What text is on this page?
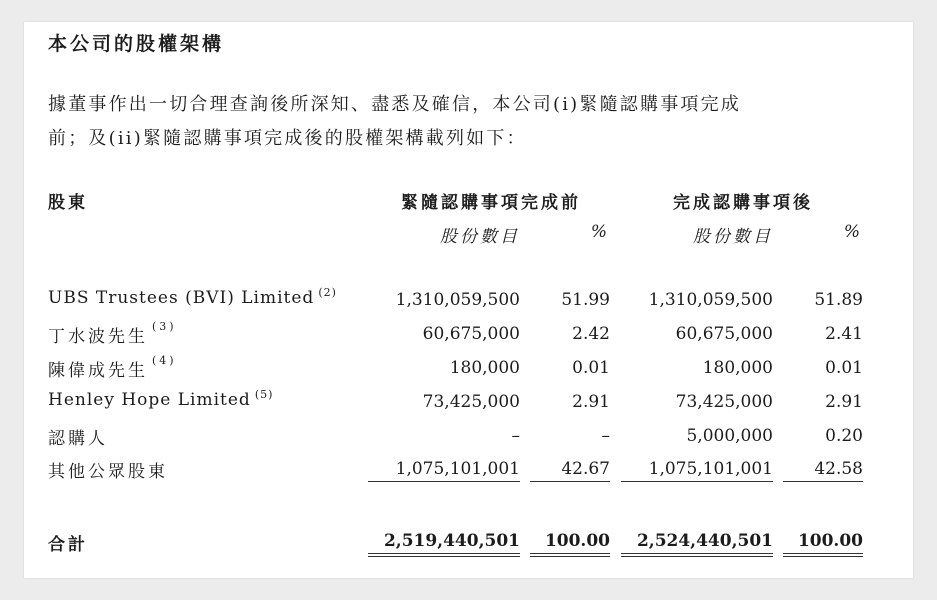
本公司的股權架構
據董事作出一切合理查詢後所深知、盡悉及確信，本公司(i)緊隨認購事項完成
前；及(ii)緊隨認購事項完成後的股權架構載列如下：
股東	緊隨認購事項完成前	完成認購事項後
股份數目	%	股份數目	%
UBS Trustees (BVI) Limited $^{(2)}$	1,310,059,500	51.99	1,310,059,500	51.89
丁水波先生$^{(3)}$	60,675,000	2.42	60,675,000	2.41
陳偉成先生$^{(4)}$	180,000	0.01	180,000	0.01
Henley Hope Limited $^{(5)}$	73,425,000	2.91	73,425,000	2.91
認購人	–	–	5,000,000	0.20
其他公眾股東	1,075,101,001	42.67	1,075,101,001	42.58
合計	2,519,440,501	100.00	2,524,440,501	100.00
